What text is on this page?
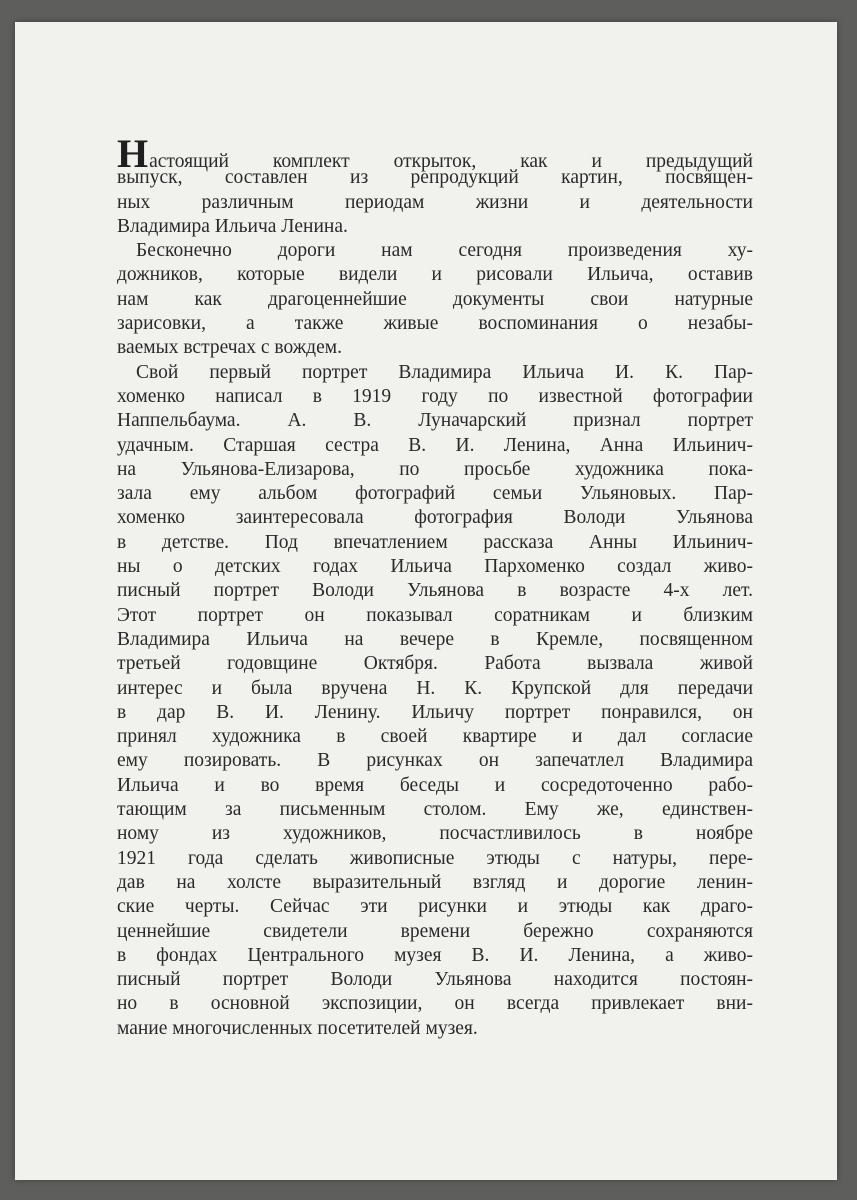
Настоящий комплект открыток, как и предыдущий
выпуск, составлен из репродукций картин, посвящен-
ных различным периодам жизни и деятельности
Владимира Ильича Ленина.
Бесконечно дороги нам сегодня произведения ху-
дожников, которые видели и рисовали Ильича, оставив
нам как драгоценнейшие документы свои натурные
зарисовки, а также живые воспоминания о незабы-
ваемых встречах с вождем.
Свой первый портрет Владимира Ильича И. К. Пар-
хоменко написал в 1919 году по известной фотографии
Наппельбаума. А. В. Луначарский признал портрет
удачным. Старшая сестра В. И. Ленина, Анна Ильинич-
на Ульянова-Елизарова, по просьбе художника пока-
зала ему альбом фотографий семьи Ульяновых. Пар-
хоменко заинтересовала фотография Володи Ульянова
в детстве. Под впечатлением рассказа Анны Ильинич-
ны о детских годах Ильича Пархоменко создал живо-
писный портрет Володи Ульянова в возрасте 4-х лет.
Этот портрет он показывал соратникам и близким
Владимира Ильича на вечере в Кремле, посвященном
третьей годовщине Октября. Работа вызвала живой
интерес и была вручена Н. К. Крупской для передачи
в дар В. И. Ленину. Ильичу портрет понравился, он
принял художника в своей квартире и дал согласие
ему позировать. В рисунках он запечатлел Владимира
Ильича и во время беседы и сосредоточенно рабо-
тающим за письменным столом. Ему же, единствен-
ному из художников, посчастливилось в ноябре
1921 года сделать живописные этюды с натуры, пере-
дав на холсте выразительный взгляд и дорогие ленин-
ские черты. Сейчас эти рисунки и этюды как драго-
ценнейшие свидетели времени бережно сохраняются
в фондах Центрального музея В. И. Ленина, а живо-
писный портрет Володи Ульянова находится постоян-
но в основной экспозиции, он всегда привлекает вни-
мание многочисленных посетителей музея.
